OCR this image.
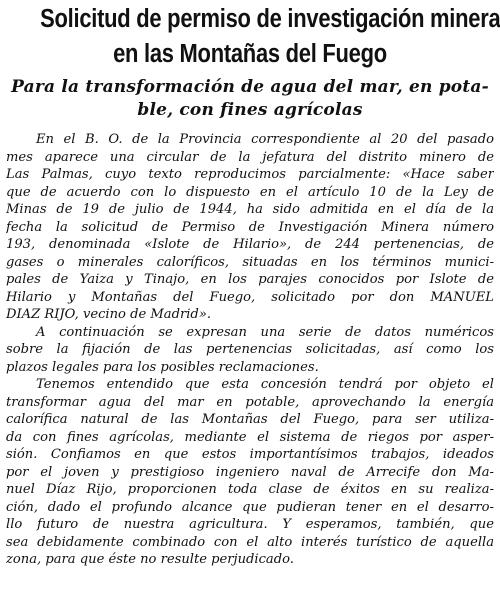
Solicitud de permiso de investigación minera
en las Montañas del Fuego
Para la transformación de agua del mar, en pota-
ble, con fines agrícolas

En el B. O. de la Provincia correspondiente al 20 del pasado
mes aparece una circular de la jefatura del distrito minero de
Las Palmas, cuyo texto reproducimos parcialmente: «Hace saber
que de acuerdo con lo dispuesto en el artículo 10 de la Ley de
Minas de 19 de julio de 1944, ha sido admitida en el día de la
fecha la solicitud de Permiso de Investigación Minera número
193, denominada «Islote de Hilario», de 244 pertenencias, de
gases o minerales caloríficos, situadas en los términos munici-
pales de Yaiza y Tinajo, en los parajes conocidos por Islote de
Hilario y Montañas del Fuego, solicitado por don MANUEL
DIAZ RIJO, vecino de Madrid».

A continuación se expresan una serie de datos numéricos
sobre la fijación de las pertenencias solicitadas, así como los
plazos legales para los posibles reclamaciones.

Tenemos entendido que esta concesión tendrá por objeto el
transformar agua del mar en potable, aprovechando la energía
calorífica natural de las Montañas del Fuego, para ser utiliza-
da con fines agrícolas, mediante el sistema de riegos por asper-
sión. Confiamos en que estos importantísimos trabajos, ideados
por el joven y prestigioso ingeniero naval de Arrecife don Ma-
nuel Díaz Rijo, proporcionen toda clase de éxitos en su realiza-
ción, dado el profundo alcance que pudieran tener en el desarro-
llo futuro de nuestra agricultura. Y esperamos, también, que
sea debidamente combinado con el alto interés turístico de aquella
zona, para que éste no resulte perjudicado.
